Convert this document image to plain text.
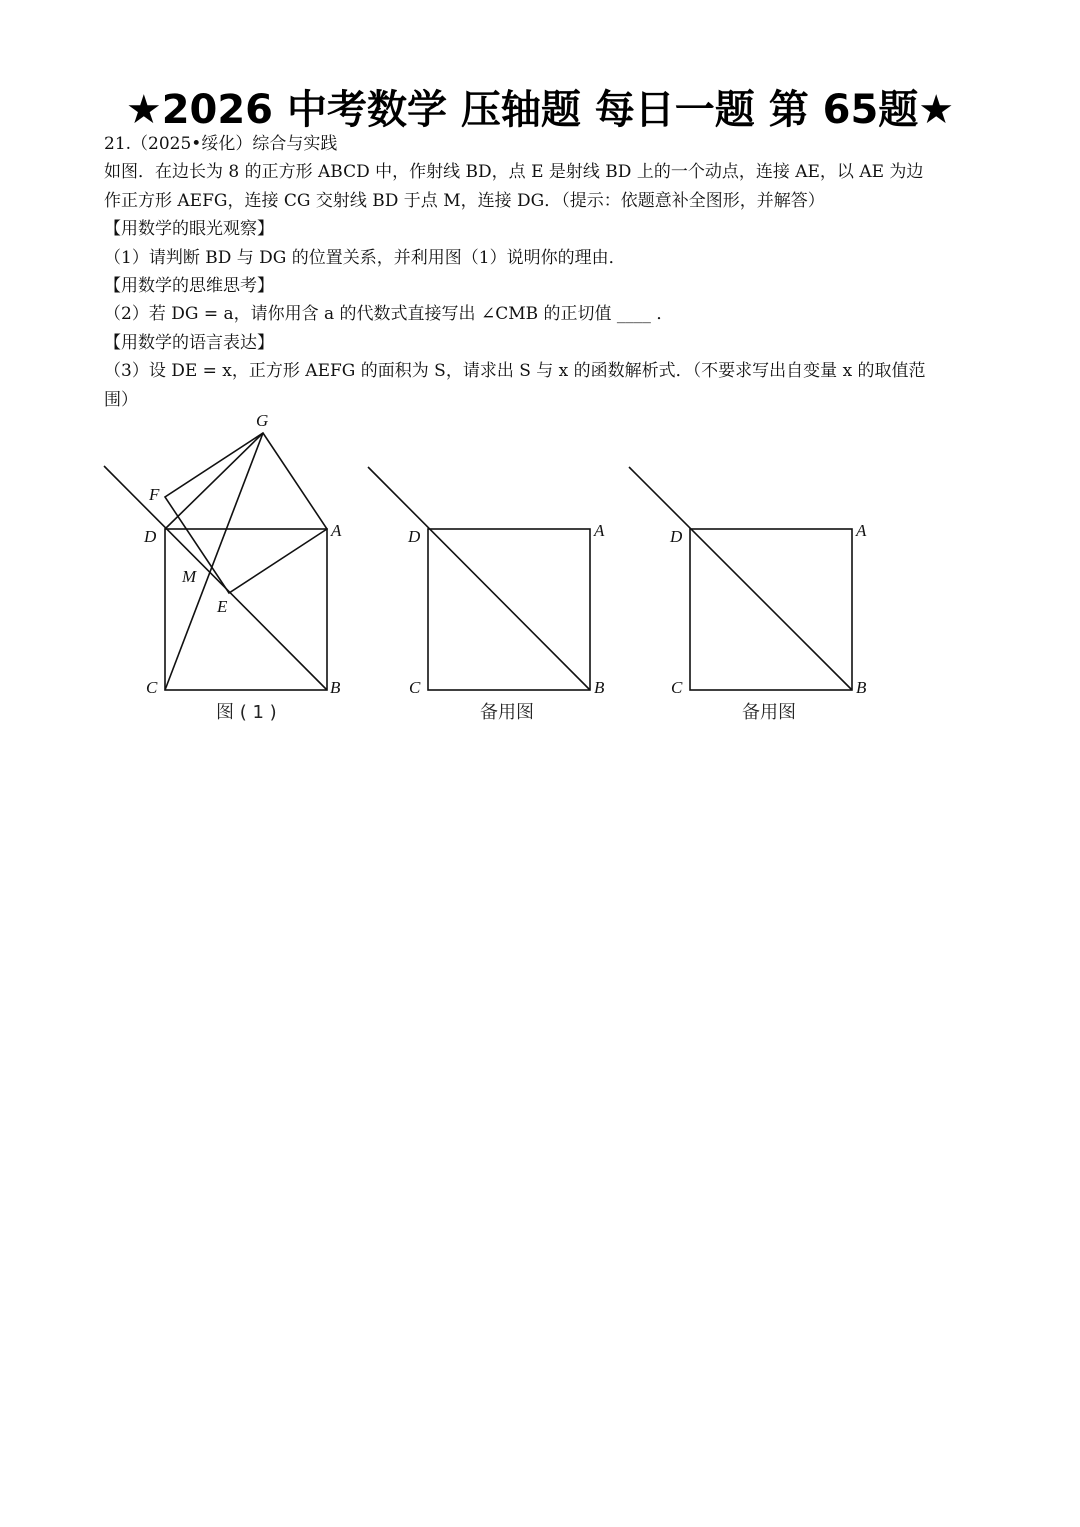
★2026 中考数学 压轴题 每日一题 第 65题★

21.（2025•绥化）综合与实践

如图．在边长为 8 的正方形 ABCD 中，作射线 BD，点 E 是射线 BD 上的一个动点，连接 AE，以 AE 为边

作正方形 AEFG，连接 CG 交射线 BD 于点 M，连接 DG．（提示：依题意补全图形，并解答）

【用数学的眼光观察】

（1）请判断 BD 与 DG 的位置关系，并利用图（1）说明你的理由．

【用数学的思维思考】

（2）若 DG = a，请你用含 a 的代数式直接写出 ∠CMB 的正切值 ____ ．

【用数学的语言表达】

（3）设 DE = x，正方形 AEFG 的面积为 S，请求出 S 与 x 的函数解析式．（不要求写出自变量 x 的取值范

围）

G
F
D	A
M
E
C	B
D	A
C	B
D	A
C	B
图 ( 1 )	备用图	备用图
